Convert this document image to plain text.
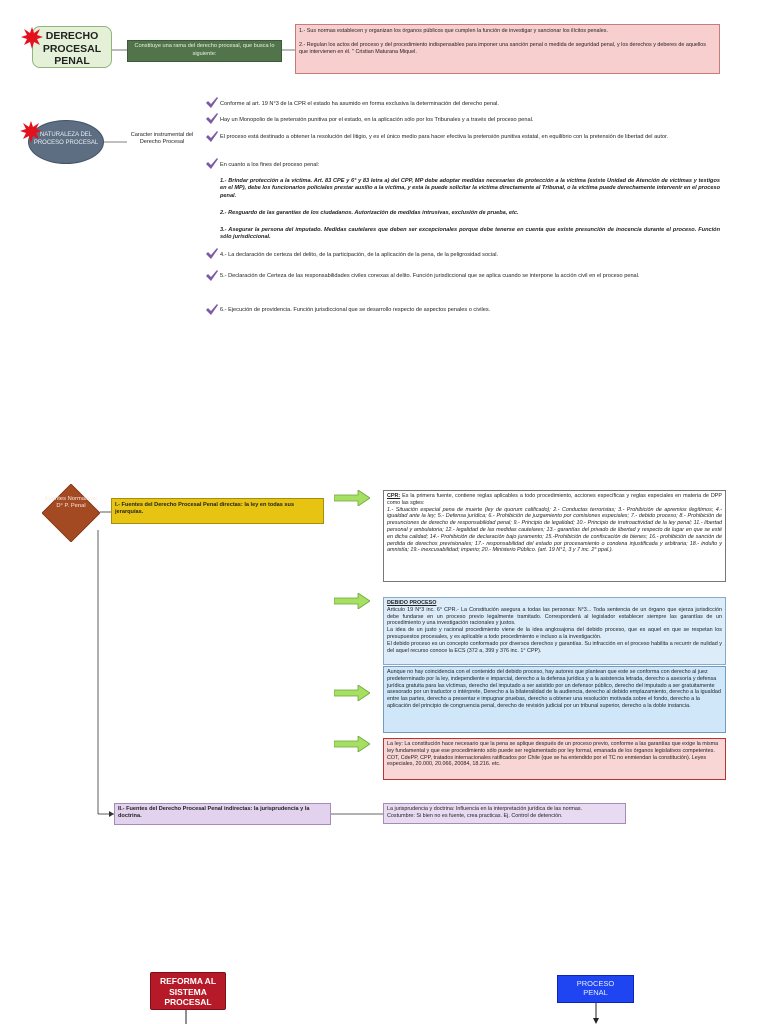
DERECHO
PROCESAL
PENAL
Constituye una rama del derecho procesal, que busca lo siguiente:

1.- Sus normas establecen y organizan los órganos públicos que cumplen la función de investigar y sancionar los ilícitos penales.

2.- Regulan los actos del proceso y del procedimiento indispensables para imponer una sanción penal o medida de seguridad penal, y los derechos y deberes de aquellos que intervienen en él. " Cristian Maturana Miquel.

NATURALEZA DEL PROCESO PROCESAL
Caracter instrumental del Derecho Procesal
Conforme al art. 19 N°3 de la CPR el estado ha asumido en forma exclusiva la determinación del derecho penal.
Hay un Monopolio de la pretensión punitiva por el estado, en la aplicación sólo por los Tribunales y a través del proceso penal.
El proceso está destinado a obtener la resolución del litigio, y es el único medio para hacer efectiva la pretensión punitiva estatal, en equilibrio con la pretensión de libertad del autor.
En cuanto a los fines del proceso penal:
1.- Brindar protección a la víctima. Art. 83 CPE y 6° y 83 letra a) del CPP, MP debe adoptar medidas necesarias de protección a la víctima (existe Unidad de Atención de víctimas y testigos en el MP), debe los funcionarios policiales prestar auxilio a la víctima, y esta la puede solicitar la víctima directamente al Tribunal, o la víctima puede derechamente intervenir en el proceso penal.
2.- Resguardo de las garantías de los ciudadanos. Autorización de medidas intrusivas, exclusión de prueba, etc.
3.- Asegurar la persona del imputado. Medidas cautelares que deben ser excepcionales porque debe tenerse en cuenta que existe presunción de inocencia durante el proceso. Función sólo jurisdiccional.
4.- La declaración de certeza del delito, de la participación, de la aplicación de la pena, de la peligrosidad social.
5.- Declaración de Certeza de las responsabilidades civiles conexas al delito. Función jurisdiccional que se aplica cuando se interpone la acción civil en el proceso penal.
6.- Ejecución de providencia. Función jurisdiccional que se desarrollo respecto de aspectos penales o civiles.
Fuentes Normativas D° P. Penal	I.- Fuentes del Derecho Procesal Penal directas: la ley en todas sus jerarquías.
II.- Fuentes del Derecho Procesal Penal indirectas: la jurisprudencia y la doctrina.
CPR: Es la primera fuente, contiene reglas aplicables a todo procedimiento, acciones específicas y reglas especiales en materia de DPP como las sgtes:
1.- Situación especial pena de muerte (ley de quorum calificado); 2.- Conductas terroristas; 3.- Prohibición de apremios ilegítimos; 4.- igualdad ante la ley; 5.- Defensa jurídica; 6.- Prohibición de juzgamiento por comisiones especiales; 7.- debido proceso; 8.- Prohibición de presunciones de derecho de responsabilidad penal; 9.- Principio de legalidad; 10.- Principio de irretroactividad de la ley penal; 11.- libertad personal y ambulatoria; 12.- legalidad de las medidas cautelares; 13.- garantías del privado de libertad y respecto de lugar en que se esté en dicha calidad; 14.- Prohibición de declaración bajo juramento; 15.-Prohibición de confiscación de bienes; 16.- prohibición de sanción de perdida de derechos previsionales; 17.- responsabilidad del estado por procesamiento o condena injustificada y arbitraria; 18.- indulto y amnistía; 19.- inexcusabilidad; imperio; 20.- Ministerio Público. (art. 19 N°1, 3 y 7 inc. 2° ppal.).
DEBIDO PROCESO
Articulo 19 N°3 inc. 6° CPR.- La Constitución asegura a todas las personas: N°3... Toda sentencia de un órgano que ejerza jurisdicción debe fundarse en un proceso previo legalmente tramitado. Corresponderá al legislador establecer siempre las garantías de un procedimiento y una investigación racionales y justos.
La idea de un justo y racional procedimiento viene de la idea anglosajona del debido proceso, que es aquel en que se respetan los presupuestos procesales, y es aplicable a todo procedimiento e incluso a la investigación.
El debido proceso es un concepto conformado por diversos derechos y garantías. Su infracción en el proceso habilita a recurrir de nulidad y del aquel recurso conoce la ECS (372 a, 399 y 376 inc. 1° CPP).
Aunque no hay coincidencia con el contenido del debido proceso, hay autores que plantean que este se conforma con derecho al juez predeterminado por la ley, independiente e imparcial, derecho a la defensa jurídica y a la asistencia letrada, derecho a asesoría y defensa jurídica gratuita para las víctimas, derecho del imputado a ser asistido por un defensor público, derecho del imputado a ser gratuitamente asesorado por un traductor o intérprete, Derecho a la bilateralidad de la audiencia, derecho al debido emplazamiento, derecho a la igualdad entre las partes, derecho a presentar e impugnar pruebas, derecho a obtener una resolución motivada sobre el fondo, derecho a la aplicación del principio de congruencia penal, derecho de revisión judicial por un tribunal superior, derecho a la doble instancia.
La ley: La constitución hace necesario que la pena se aplique después de un proceso previo, conforme a las garantías que exige la misma ley fundamental y que ese procedimiento sólo puede ser reglamentado por ley formal, emanada de los órganos legislativos competentes. COT, CdePP, CPP, tratados internacionales ratificados por Chile (que se ha entendido por el TC no enmiendan la constitución). Leyes especiales, 20.000, 20.066, 20084, 18.216. etc.
La jurisprudencia y doctrina: Influencia en la interpretación jurídica de las normas.
Costumbre: Si bien no es fuente, crea practicas. Ej. Control de detención.
REFORMA AL
SISTEMA
PROCESAL
PROCESO
PENAL
